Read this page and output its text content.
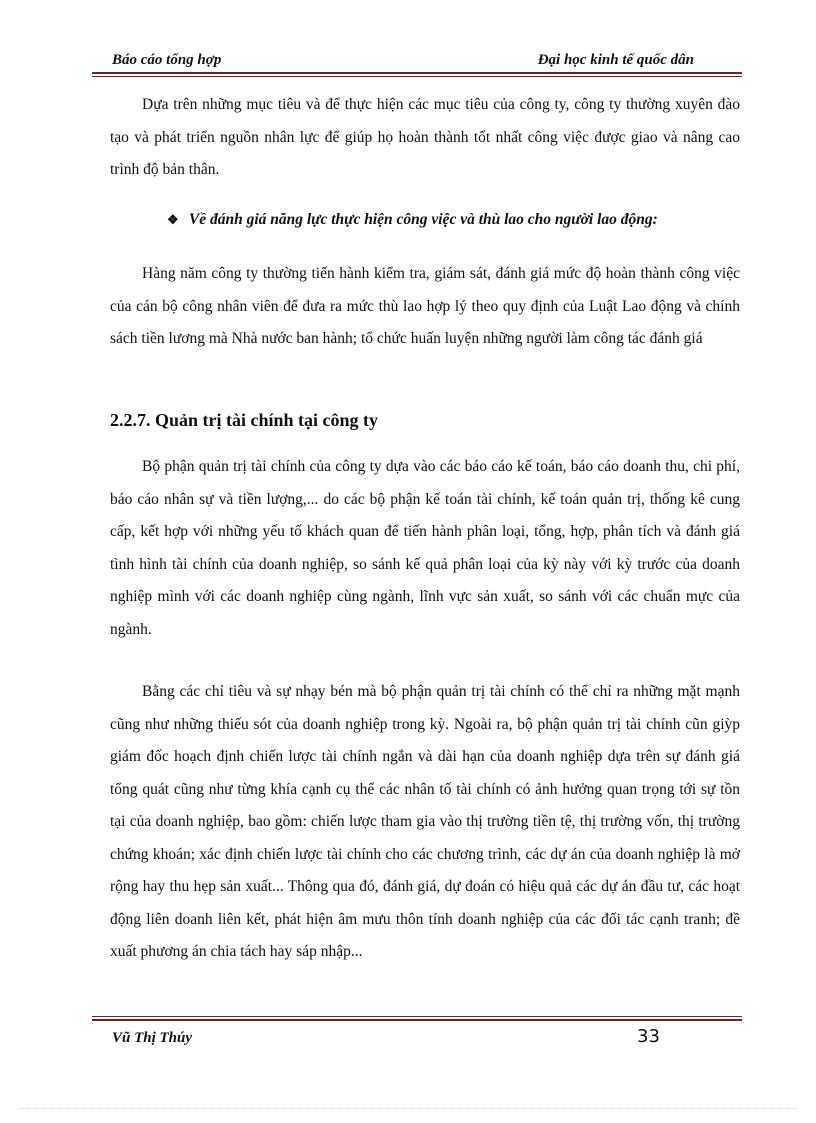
Báo cáo tổng hợp	Đại học kinh tế quốc dân

Dựa trên những mục tiêu và để thực hiện các mục tiêu của công ty, công ty thường xuyên đào tạo và phát triển nguồn nhân lực để giúp họ hoàn thành tốt nhất công việc được giao và nâng cao trình độ bản thân.

❖ Về đánh giá năng lực thực hiện công việc và thù lao cho người lao động:

Hàng năm công ty thường tiến hành kiểm tra, giám sát, đánh giá mức độ hoàn thành công việc của cán bộ công nhân viên để đưa ra mức thù lao hợp lý theo quy định của Luật Lao động và chính sách tiền lương mà Nhà nước ban hành; tổ chức huấn luyện những người làm công tác đánh giá

2.2.7. Quản trị tài chính tại công ty

Bộ phận quản trị tài chính của công ty dựa vào các báo cáo kế toán, báo cáo doanh thu, chi phí, báo cáo nhân sự và tiền lượng,... do các bộ phận kế toán tài chính, kế toán quản trị, thống kê cung cấp, kết hợp với những yếu tố khách quan để tiến hành phân loại, tổng, hợp, phân tích và đánh giá tình hình tài chính của doanh nghiệp, so sánh kế quả phân loại của kỳ này với kỳ trước của doanh nghiệp mình với các doanh nghiệp cùng ngành, lĩnh vực sản xuất, so sánh với các chuẩn mực của ngành.

Bằng các chỉ tiêu và sự nhạy bén mà bộ phận quản trị tài chính có thể chỉ ra những mặt mạnh cũng như những thiếu sót của doanh nghiệp trong kỳ. Ngoài ra, bộ phận quản trị tài chính cũn giỳp giám đốc hoạch định chiến lược tài chính ngắn và dài hạn của doanh nghiệp dựa trên sự đánh giá tổng quát cũng như từng khía cạnh cụ thể các nhân tố tài chính có ảnh hưởng quan trọng tới sự tồn tại của doanh nghiệp, bao gồm: chiến lược tham gia vào thị trường tiền tệ, thị trường vốn, thị trường chứng khoán; xác định chiến lược tài chính cho các chương trình, các dự án của doanh nghiệp là mở rộng hay thu hẹp sản xuất... Thông qua đó, đánh giá, dự đoán có hiệu quả các dự án đầu tư, các hoạt động liên doanh liên kết, phát hiện âm mưu thôn tính doanh nghiệp của các đối tác cạnh tranh; đề xuất phương án chia tách hay sáp nhập...

Vũ Thị Thúy	33
